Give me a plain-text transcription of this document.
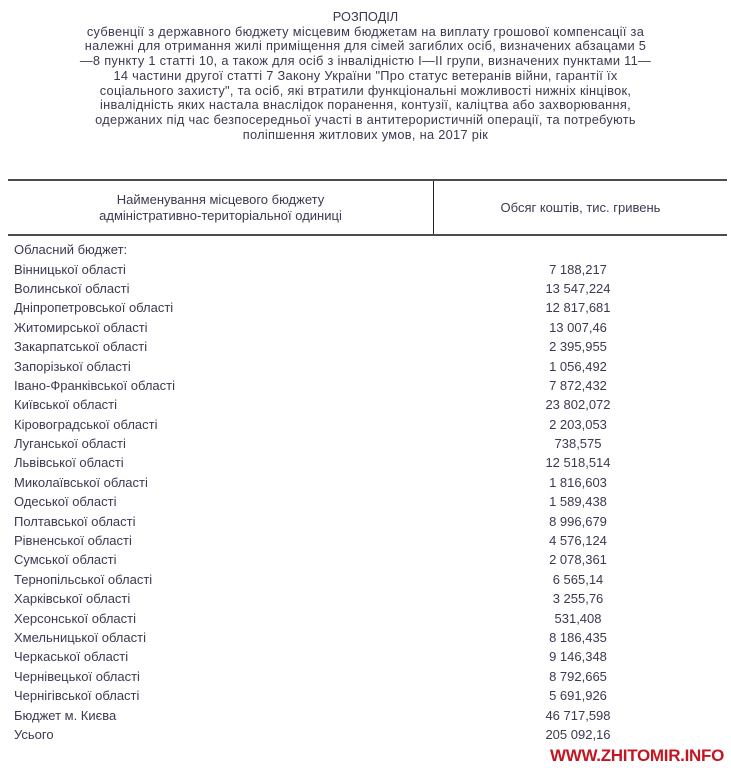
РОЗПОДІЛ
субвенції з державного бюджету місцевим бюджетам на виплату грошової компенсації за належні для отримання жилі приміщення для сімей загиблих осіб, визначених абзацами 5—8 пункту 1 статті 10, а також для осіб з інвалідністю I—II групи, визначених пунктами 11—14 частини другої статті 7 Закону України "Про статус ветеранів війни, гарантії їх соціального захисту", та осіб, які втратили функціональні можливості нижніх кінцівок, інвалідність яких настала внаслідок поранення, контузії, каліцтва або захворювання, одержаних під час безпосередньої участі в антитерористичній операції, та потребують поліпшення житлових умов, на 2017 рік
Найменування місцевого бюджету адміністративно-територіальної одиниці	Обсяг коштів, тис. гривень
Обласний бюджет:
Вінницької області	7 188,217
Волинської області	13 547,224
Дніпропетровської області	12 817,681
Житомирської області	13 007,46
Закарпатської області	2 395,955
Запорізької області	1 056,492
Івано-Франківської області	7 872,432
Київської області	23 802,072
Кіровоградської області	2 203,053
Луганської області	738,575
Львівської області	12 518,514
Миколаївської області	1 816,603
Одеської області	1 589,438
Полтавської області	8 996,679
Рівненської області	4 576,124
Сумської області	2 078,361
Тернопільської області	6 565,14
Харківської області	3 255,76
Херсонської області	531,408
Хмельницької області	8 186,435
Черкаської області	9 146,348
Чернівецької області	8 792,665
Чернігівської області	5 691,926
Бюджет м. Києва	46 717,598
Усього	205 092,16
WWW.ZHITOMIR.INFO
